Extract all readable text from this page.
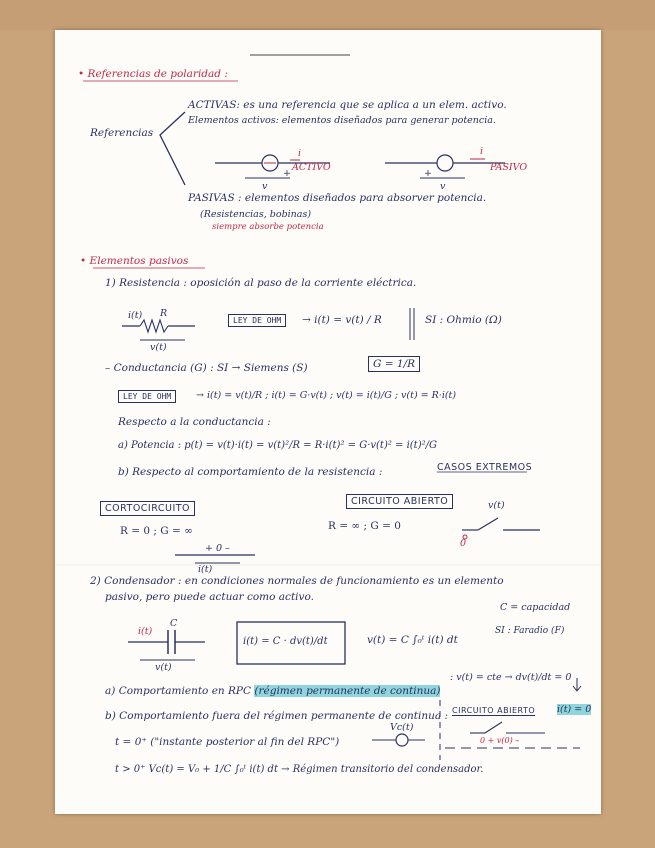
• Referencias de polaridad :
Referencias
ACTIVAS: es una referencia que se aplica a un elem. activo.
Elementos activos: elementos diseñados para generar potencia.
ACTIVO	PASIVO
v	v
i	i
+	+
PASIVAS : elementos diseñados para absorver potencia.
(Resistencias, bobinas)
siempre absorbe potencia
• Elementos pasivos
1) Resistencia : oposición al paso de la corriente eléctrica.
i(t) R
v(t)
LEY DE OHM	→ i(t) = v(t) / R	SI : Ohmio (Ω)
– Conductancia (G) : SI → Siemens (S)	G = 1/R
LEY DE OHM	→ i(t) = v(t)/R ; i(t) = G·v(t) ; v(t) = i(t)/G ; v(t) = R·i(t)
Respecto a la conductancia :
a) Potencia : p(t) = v(t)·i(t) = v(t)²/R = R·i(t)² = G·v(t)² = i(t)²/G
b) Respecto al comportamiento de la resistencia :	CASOS EXTREMOS
CORTOCIRCUITO
R = 0 ; G = ∞
CIRCUITO ABIERTO
R = ∞ ; G = 0
+ 0 –
i(t)
v(t)
0
2) Condensador : en condiciones normales de funcionamiento es un elemento
pasivo, pero puede actuar como activo.
C = capacidad
i(t)
C
v(t)
i(t) = C · dv(t)/dt	v(t) = C ∫₀ᵗ i(t) dt
SI : Faradio (F)
a) Comportamiento en RPC (régimen permanente de continua)
: v(t) = cte → dv(t)/dt = 0
b) Comportamiento fuera del régimen permanente de continua : CIRCUITO ABIERTO i(t) = 0
t = 0⁺ ("instante posterior al fin del RPC")
Vc(t)
0 + v(0) –
t > 0⁺ Vc(t) = V₀ + 1/C ∫₀ᵗ i(t) dt → Régimen transitorio del condensador.
